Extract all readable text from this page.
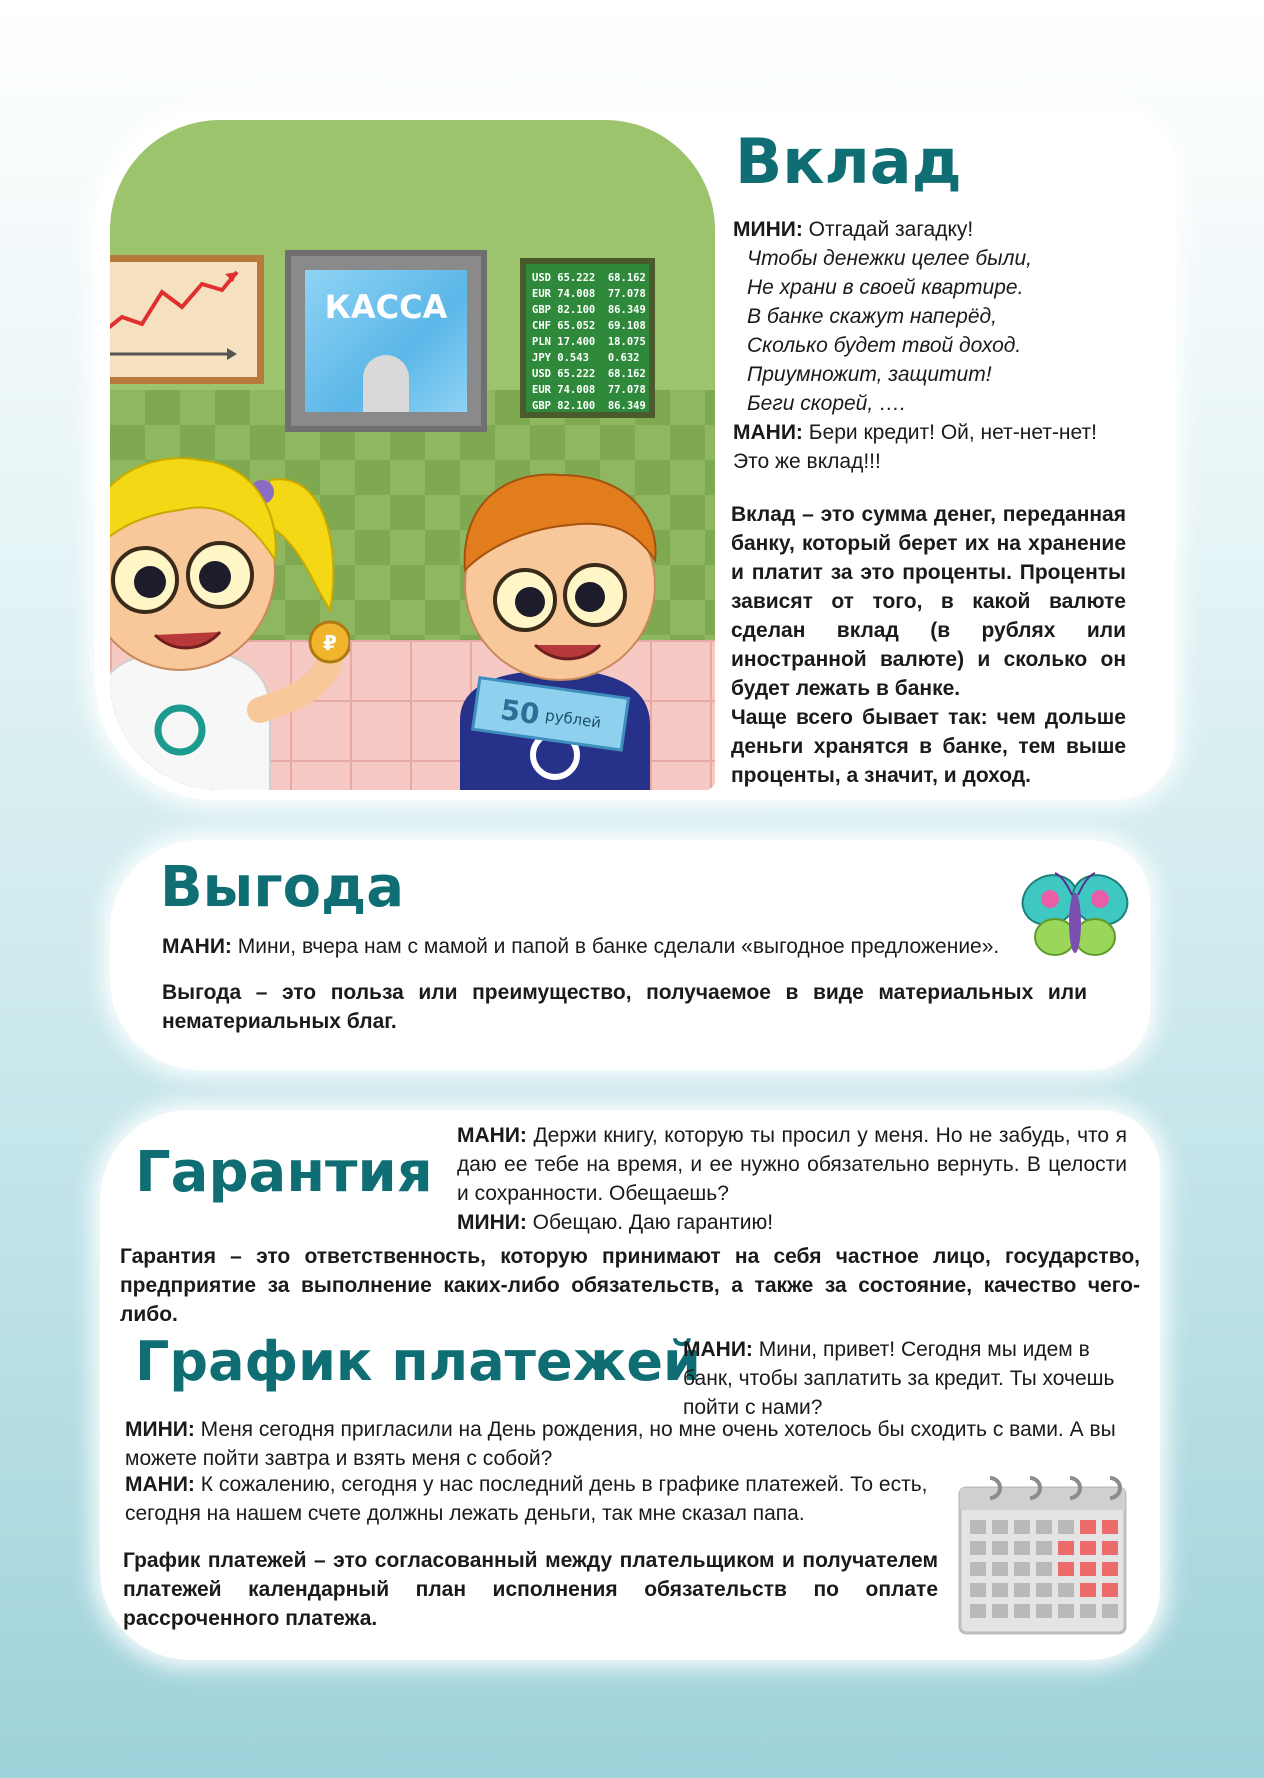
КАССА
USD 65.222  68.162
EUR 74.008  77.078
GBP 82.100  86.349
CHF 65.052  69.108
PLN 17.400  18.075
JPY 0.543   0.632
USD 65.222  68.162
EUR 74.008  77.078
GBP 82.100  86.349
₽
50 рублей
Вклад
МИНИ: Отгадай загадку!
Чтобы денежки целее были,
Не храни в своей квартире.
В банке скажут наперёд,
Сколько будет твой доход.
Приумножит, защитит!
Беги скорей, ….
МАНИ: Бери кредит! Ой, нет-нет-нет! Это же вклад!!!
Вклад – это сумма денег, переданная банку, который берет их на хранение и платит за это проценты. Проценты зависят от того, в какой валюте сделан вклад (в рублях или иностранной валюте) и сколько он будет лежать в банке.
Чаще всего бывает так: чем дольше деньги хранятся в банке, тем выше проценты, а значит, и доход.
Выгода
МАНИ: Мини, вчера нам с мамой и папой в банке сделали «выгодное предложение».
Выгода – это польза или преимущество, получаемое в виде материальных или нематериальных благ.
Гарантия
МАНИ: Держи книгу, которую ты просил у меня. Но не забудь, что я даю ее тебе на время, и ее нужно обязательно вернуть. В целости и сохранности. Обещаешь?
МИНИ: Обещаю. Даю гарантию!
Гарантия – это ответственность, которую принимают на себя частное лицо, государство, предприятие за выполнение каких-либо обязательств, а также за состояние, качество чего-либо.
График платежей
МАНИ: Мини, привет! Сегодня мы идем в банк, чтобы заплатить за кредит. Ты хочешь пойти с нами?
МИНИ: Меня сегодня пригласили на День рождения, но мне очень хотелось бы сходить с вами. А вы можете пойти завтра и взять меня с собой?
МАНИ: К сожалению, сегодня у нас последний день в графике платежей. То есть, сегодня на нашем счете должны лежать деньги, так мне сказал папа.
График платежей – это согласованный между плательщиком и получателем платежей календарный план исполнения обязательств по оплате рассроченного платежа.
